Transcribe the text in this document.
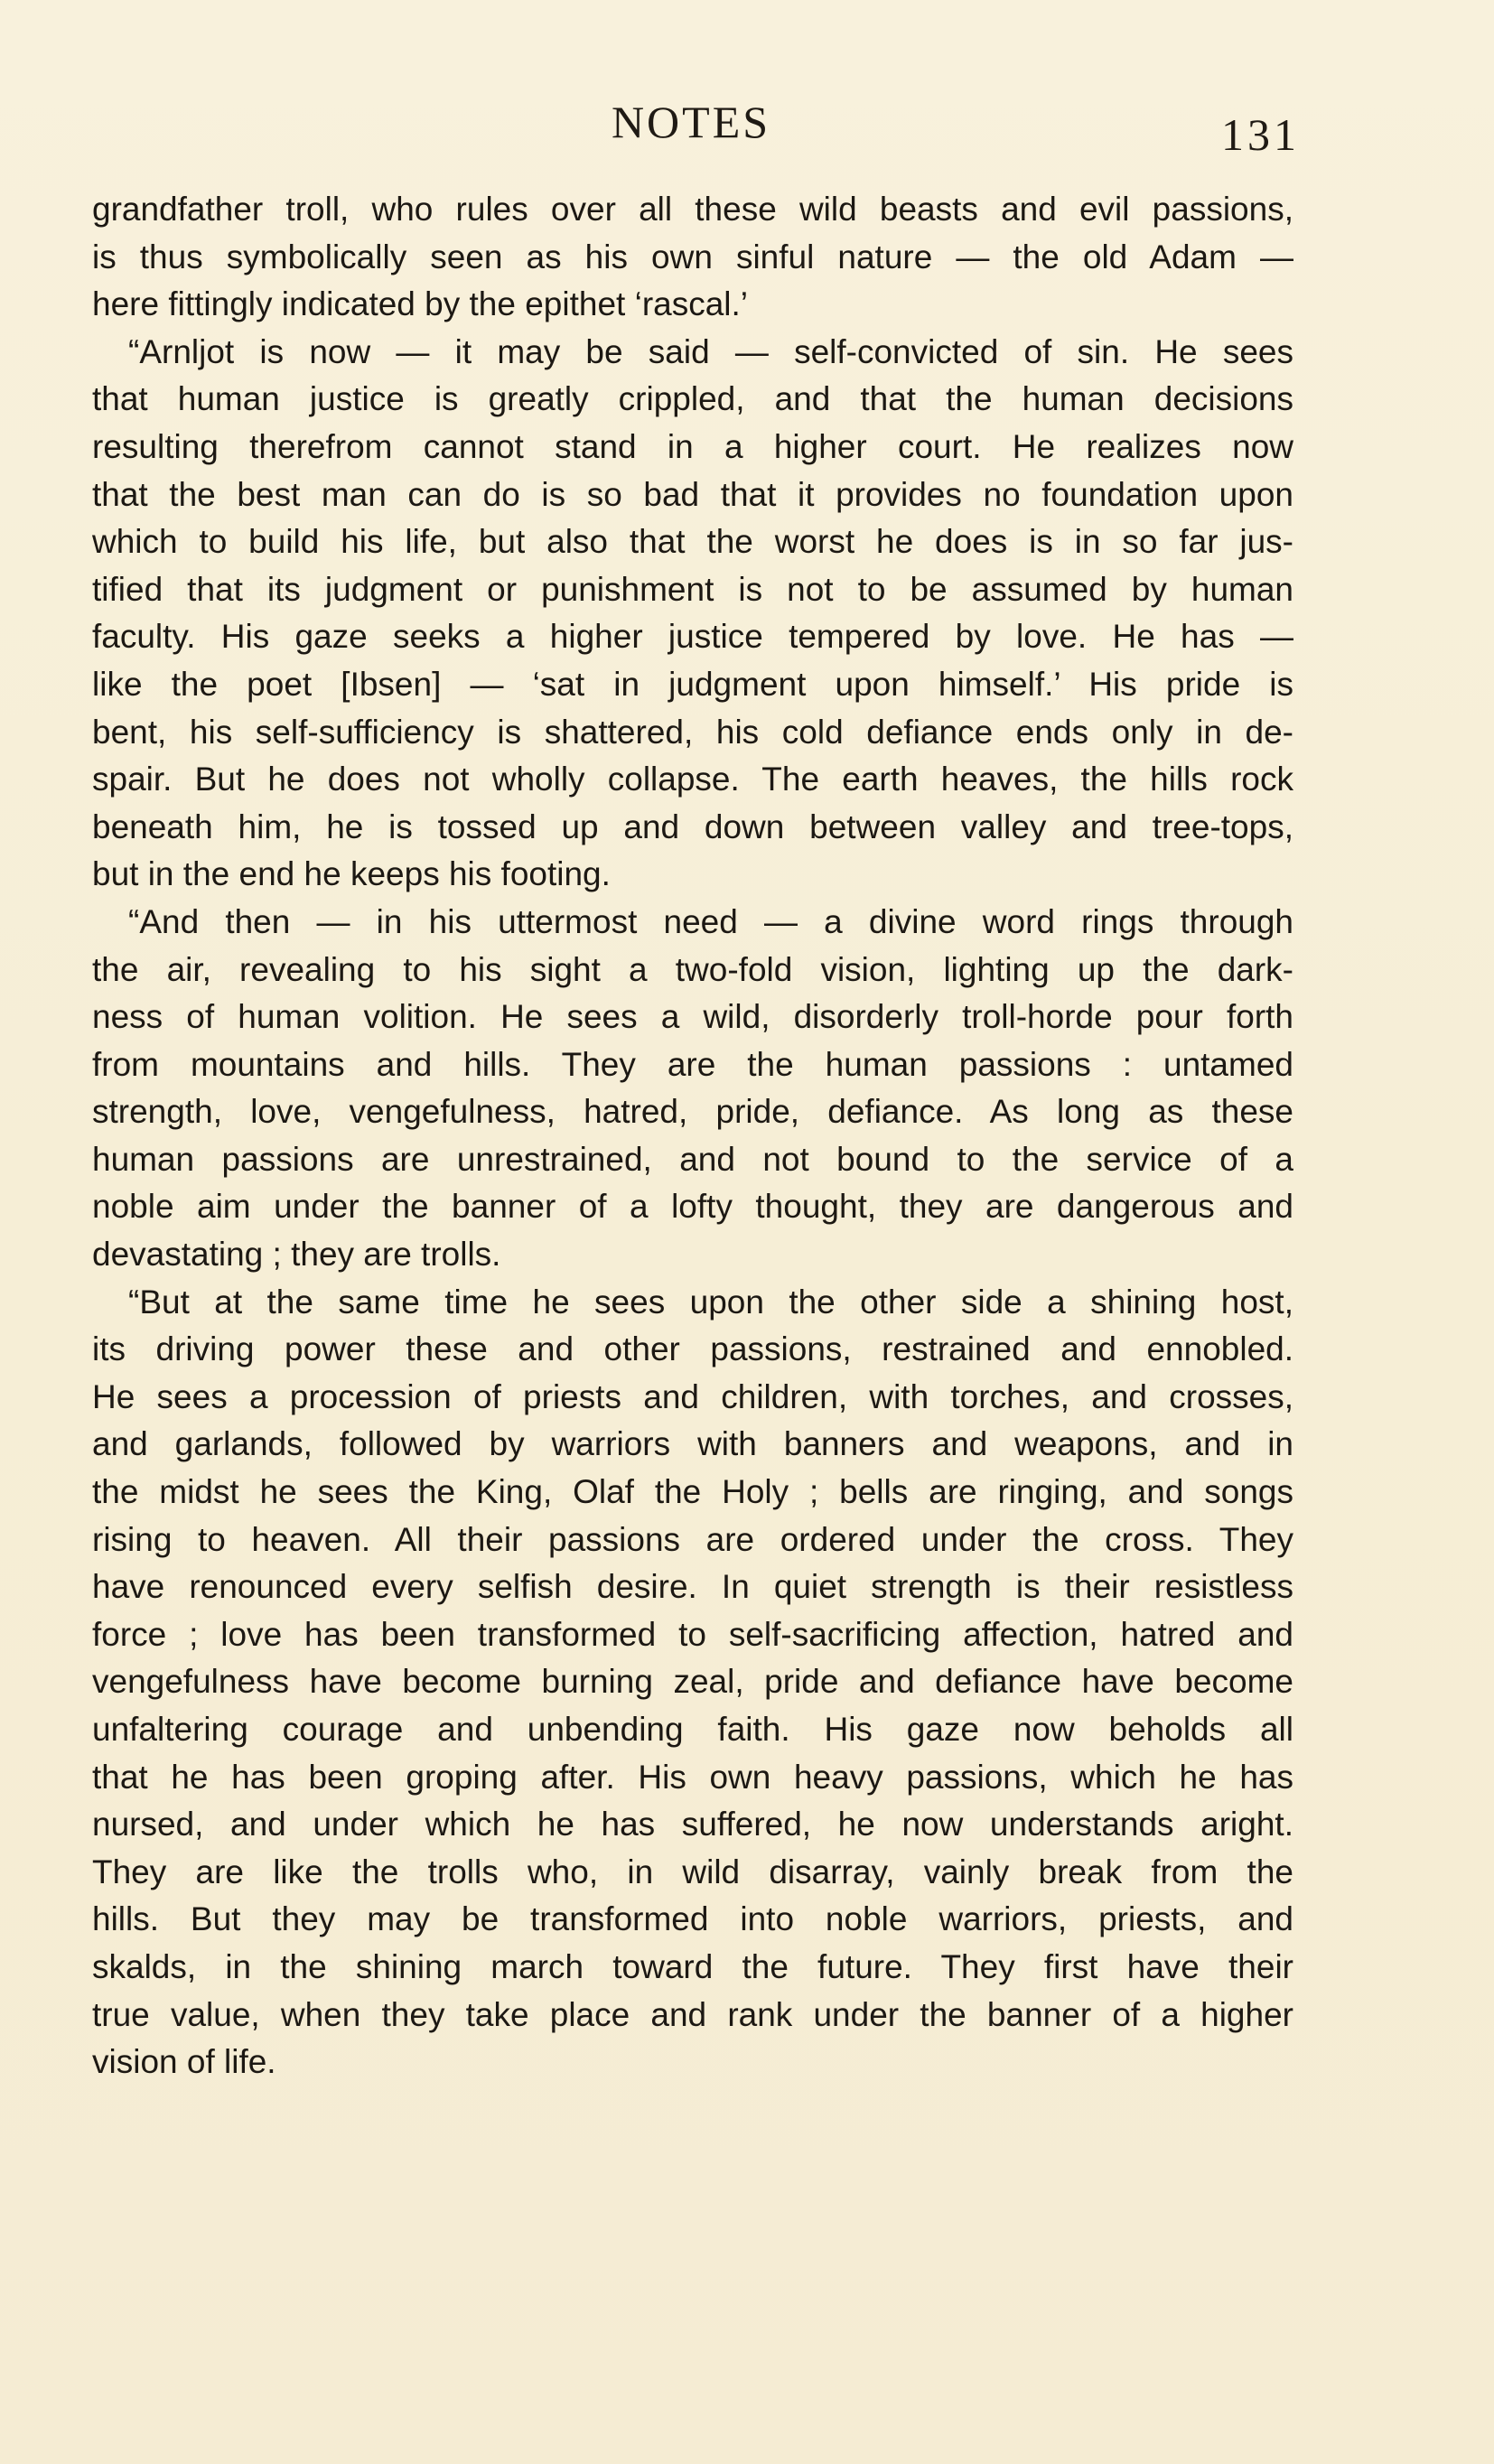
NOTES	131
grandfather troll, who rules over all these wild beasts and evil passions,
is thus symbolically seen as his own sinful nature — the old Adam —
here fittingly indicated by the epithet ‘rascal.’
“Arnljot is now — it may be said — self-convicted of sin. He sees
that human justice is greatly crippled, and that the human decisions
resulting therefrom cannot stand in a higher court. He realizes now
that the best man can do is so bad that it provides no foundation upon
which to build his life, but also that the worst he does is in so far jus-
tified that its judgment or punishment is not to be assumed by human
faculty. His gaze seeks a higher justice tempered by love. He has —
like the poet [Ibsen] — ‘sat in judgment upon himself.’ His pride is
bent, his self-sufficiency is shattered, his cold defiance ends only in de-
spair. But he does not wholly collapse. The earth heaves, the hills rock
beneath him, he is tossed up and down between valley and tree-tops,
but in the end he keeps his footing.
“And then — in his uttermost need — a divine word rings through
the air, revealing to his sight a two-fold vision, lighting up the dark-
ness of human volition. He sees a wild, disorderly troll-horde pour forth
from mountains and hills. They are the human passions : untamed
strength, love, vengefulness, hatred, pride, defiance. As long as these
human passions are unrestrained, and not bound to the service of a
noble aim under the banner of a lofty thought, they are dangerous and
devastating ; they are trolls.
“But at the same time he sees upon the other side a shining host,
its driving power these and other passions, restrained and ennobled.
He sees a procession of priests and children, with torches, and crosses,
and garlands, followed by warriors with banners and weapons, and in
the midst he sees the King, Olaf the Holy ; bells are ringing, and songs
rising to heaven. All their passions are ordered under the cross. They
have renounced every selfish desire. In quiet strength is their resistless
force ; love has been transformed to self-sacrificing affection, hatred and
vengefulness have become burning zeal, pride and defiance have become
unfaltering courage and unbending faith. His gaze now beholds all
that he has been groping after. His own heavy passions, which he has
nursed, and under which he has suffered, he now understands aright.
They are like the trolls who, in wild disarray, vainly break from the
hills. But they may be transformed into noble warriors, priests, and
skalds, in the shining march toward the future. They first have their
true value, when they take place and rank under the banner of a higher
vision of life.
